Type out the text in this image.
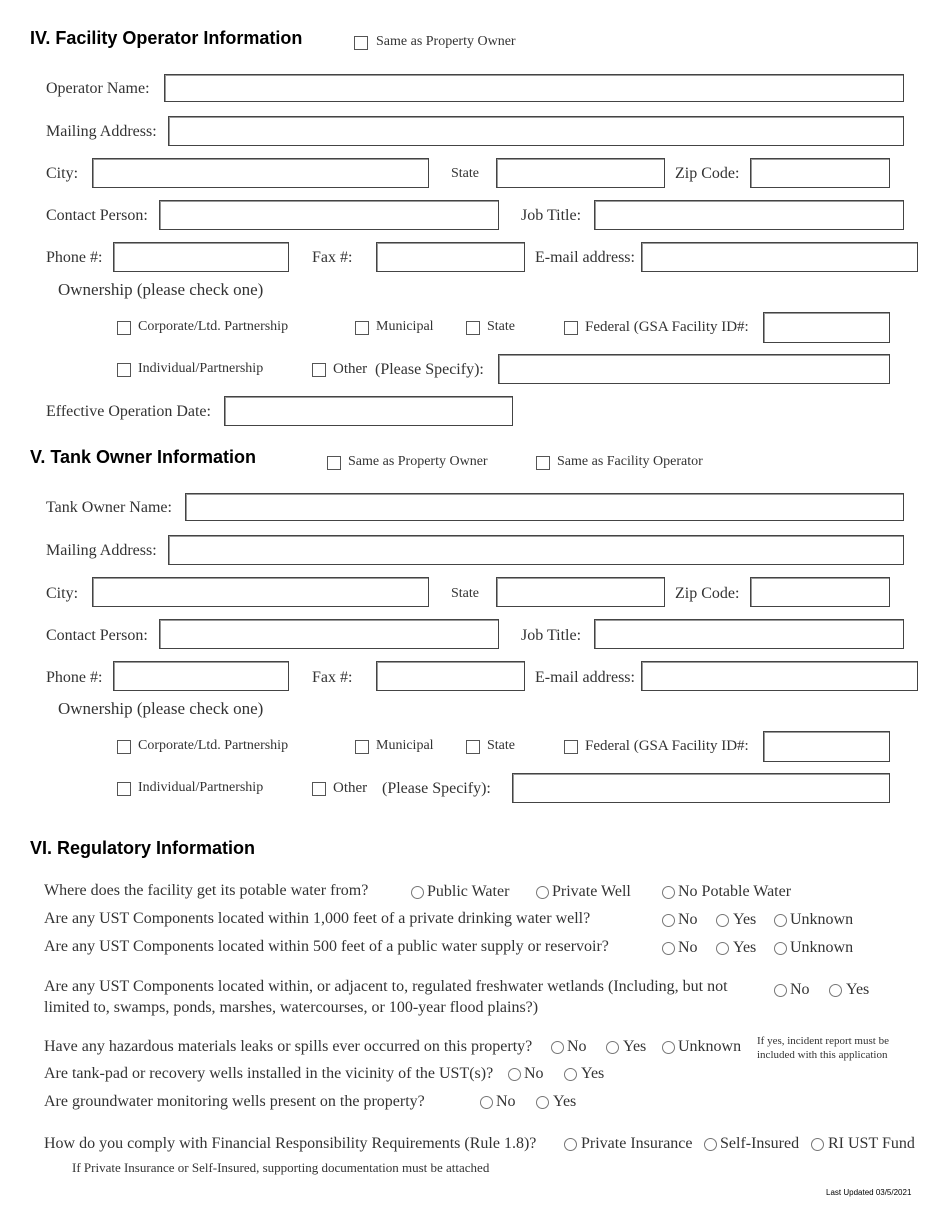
IV. Facility Operator Information	Same as Property Owner
Operator Name:
Mailing Address:
City:	State	Zip Code:
Contact Person:	Job Title:
Phone #:	Fax #:	E-mail address:
Ownership (please check one)
Corporate/Ltd. Partnership	Municipal	State	Federal (GSA Facility ID#:
Individual/Partnership	Other (Please Specify):
Effective Operation Date:
V. Tank Owner Information	Same as Property Owner	Same as Facility Operator
Tank Owner Name:
Mailing Address:
City:	State	Zip Code:
Contact Person:	Job Title:
Phone #:	Fax #:	E-mail address:
Ownership (please check one)
Corporate/Ltd. Partnership	Municipal	State	Federal (GSA Facility ID#:
Individual/Partnership	Other (Please Specify):
VI. Regulatory Information
Where does the facility get its potable water from?	Public Water	Private Well	No Potable Water
Are any UST Components located within 1,000 feet of a private drinking water well?	No Yes Unknown
Are any UST Components located within 500 feet of a public water supply or reservoir?	No Yes Unknown
Are any UST Components located within, or adjacent to, regulated freshwater wetlands (Including, but not
limited to, swamps, ponds, marshes, watercourses, or 100-year flood plains?)
No Yes
Have any hazardous materials leaks or spills ever occurred on this property? No Yes Unknown If yes, incident report must be
included with this application
Are tank-pad or recovery wells installed in the vicinity of the UST(s)? No Yes
Are groundwater monitoring wells present on the property?	No Yes
How do you comply with Financial Responsibility Requirements (Rule 1.8)?	Private Insurance Self-Insured RI UST Fund
If Private Insurance or Self-Insured, supporting documentation must be attached
Last Updated 03/5/2021
